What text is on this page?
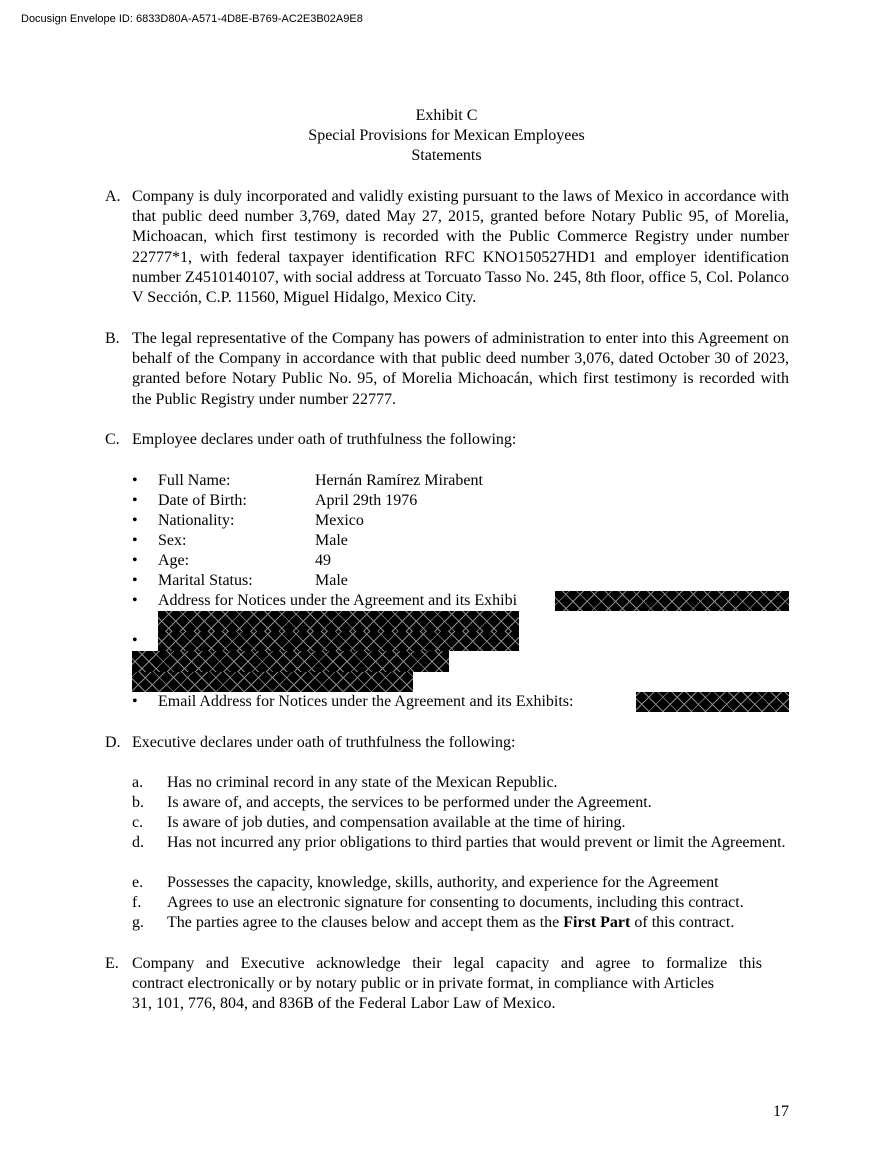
Docusign Envelope ID: 6833D80A-A571-4D8E-B769-AC2E3B02A9E8
Exhibit C
Special Provisions for Mexican Employees
Statements
A. Company is duly incorporated and validly existing pursuant to the laws of Mexico in accordance with that public deed number 3,769, dated May 27, 2015, granted before Notary Public 95, of Morelia, Michoacan, which first testimony is recorded with the Public Commerce Registry under number 22777*1, with federal taxpayer identification RFC KNO150527HD1 and employer identification number Z4510140107, with social address at Torcuato Tasso No. 245, 8th floor, office 5, Col. Polanco V Sección, C.P. 11560, Miguel Hidalgo, Mexico City.

B. The legal representative of the Company has powers of administration to enter into this Agreement on behalf of the Company in accordance with that public deed number 3,076, dated October 30 of 2023, granted before Notary Public No. 95, of Morelia Michoacán, which first testimony is recorded with the Public Registry under number 22777.

C. Employee declares under oath of truthfulness the following:

• Full Name:	Hernán Ramírez Mirabent
• Date of Birth:	April 29th 1976
• Nationality:	Mexico
• Sex:	Male
• Age:	49
• Marital Status:	Male
• Address for Notices under the Agreement and its Exhibi
•
• Email Address for Notices under the Agreement and its Exhibits:
D. Executive declares under oath of truthfulness the following:

a. Has no criminal record in any state of the Mexican Republic.
b. Is aware of, and accepts, the services to be performed under the Agreement.
c. Is aware of job duties, and compensation available at the time of hiring.
d. Has not incurred any prior obligations to third parties that would prevent or limit the Agreement.
e. Possesses the capacity, knowledge, skills, authority, and experience for the Agreement
f. Agrees to use an electronic signature for consenting to documents, including this contract.
g. The parties agree to the clauses below and accept them as the First Part of this contract.
E. Company and Executive acknowledge their legal capacity and agree to formalize this
contract electronically or by notary public or in private format, in compliance with Articles
31, 101, 776, 804, and 836B of the Federal Labor Law of Mexico.
17
